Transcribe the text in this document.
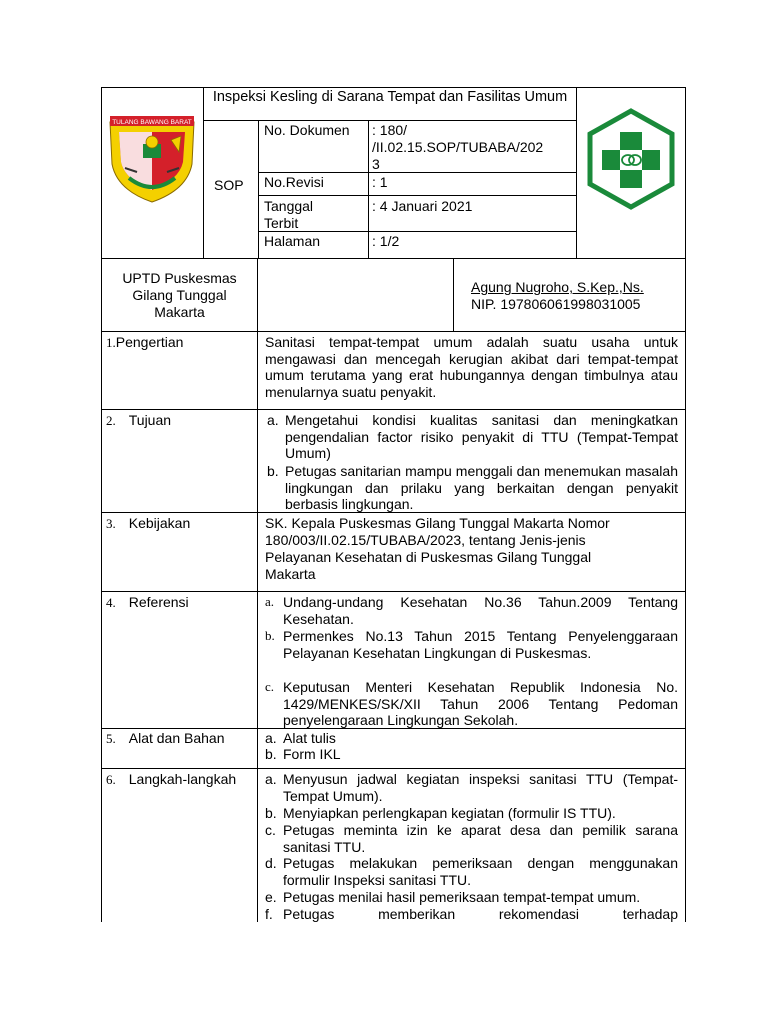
TULANG BAWANG BARAT
Inspeksi Kesling di Sarana Tempat dan Fasilitas Umum
SOP
No. Dokumen : 180/
/II.02.15.SOP/TUBABA/202
3
No.Revisi	: 1
Tanggal
Terbit
: 4 Januari 2021
Halaman	: 1/2
UPTD Puskesmas
Gilang Tunggal
Makarta
Agung Nugroho, S.Kep.,Ns.
NIP. 197806061998031005
1.Pengertian	Sanitasi tempat-tempat umum adalah suatu usaha untuk mengawasi dan mencegah kerugian akibat dari tempat-tempat umum terutama yang erat hubungannya dengan timbulnya atau menularnya suatu penyakit.
2. Tujuan	a. Mengetahui kondisi kualitas sanitasi dan meningkatkan pengendalian factor risiko penyakit di TTU (Tempat-Tempat Umum)
b. Petugas sanitarian mampu menggali dan menemukan masalah lingkungan dan prilaku yang berkaitan dengan penyakit berbasis lingkungan.
3. Kebijakan	SK. Kepala Puskesmas Gilang Tunggal Makarta Nomor
180/003/II.02.15/TUBABA/2023, tentang Jenis-jenis
Pelayanan Kesehatan di Puskesmas Gilang Tunggal
Makarta
4. Referensi	a. Undang-undang Kesehatan No.36 Tahun.2009 Tentang Kesehatan.
b. Permenkes No.13 Tahun 2015 Tentang Penyelenggaraan Pelayanan Kesehatan Lingkungan di Puskesmas.
c. Keputusan Menteri Kesehatan Republik Indonesia No. 1429/MENKES/SK/XII Tahun 2006 Tentang Pedoman penyelengaraan Lingkungan Sekolah.
5. Alat dan Bahan	a. Alat tulis
b. Form IKL
6. Langkah-langkah a. Menyusun jadwal kegiatan inspeksi sanitasi TTU (Tempat-Tempat Umum).
b. Menyiapkan perlengkapan kegiatan (formulir IS TTU).
c. Petugas meminta izin ke aparat desa dan pemilik sarana sanitasi TTU.
d. Petugas melakukan pemeriksaan dengan menggunakan formulir Inspeksi sanitasi TTU.
e. Petugas menilai hasil pemeriksaan tempat-tempat umum.
f. Petugas memberikan rekomendasi terhadap
